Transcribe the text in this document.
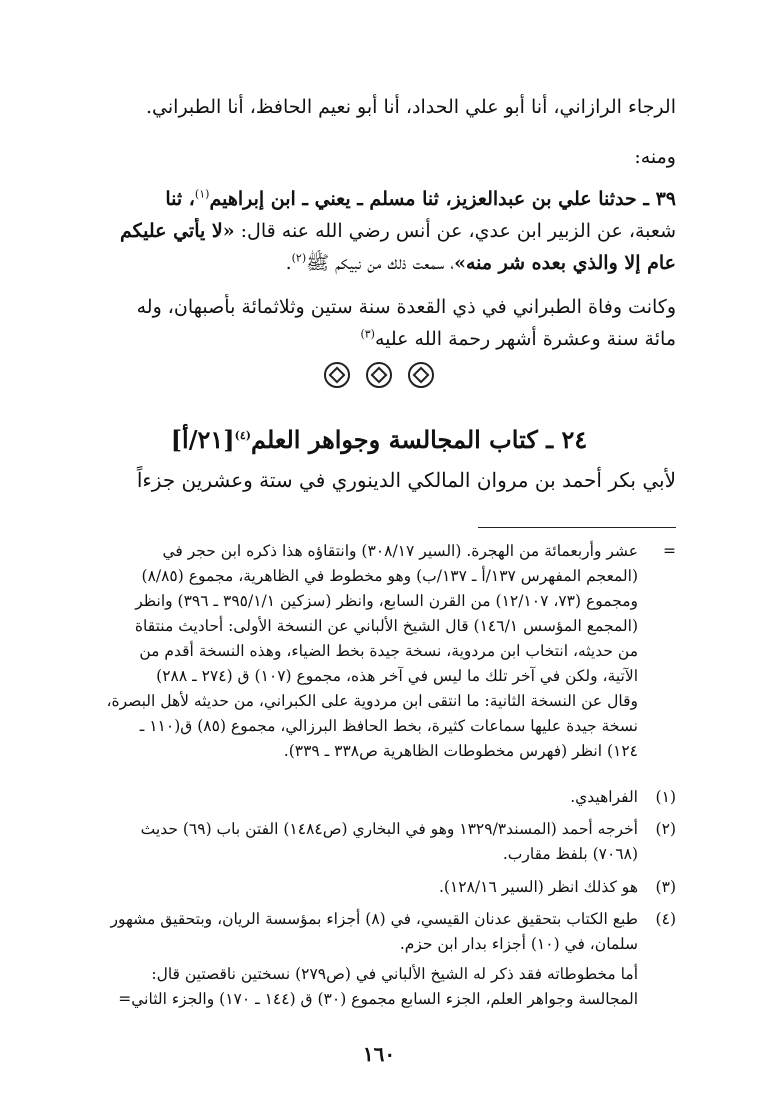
الرجاء الرازاني، أنا أبو علي الحداد، أنا أبو نعيم الحافظ، أنا الطبراني.
ومنه:
٣٩ ـ حدثنا علي بن عبدالعزيز، ثنا مسلم ـ يعني ـ ابن إبراهيم$^{(١)}$، ثنا
شعبة، عن الزبير ابن عدي، عن أنس رضي الله عنه قال: «لا يأتي عليكم
عام إلا والذي بعده شر منه»، سمعت ذلك من نبيكم ﷺ$^{(٢)}$.
وكانت وفاة الطبراني في ذي القعدة سنة ستين وثلاثمائة بأصبهان، وله
مائة سنة وعشرة أشهر رحمة الله عليه$^{(٣)}$
٢٤ ـ كتاب المجالسة وجواهر العلم$^{(٤)}$[٢١/أ]
لأبي بكر أحمد بن مروان المالكي الدينوري في ستة وعشرين جزءاً
=
عشر وأربعمائة من الهجرة. (السير ٣٠٨/١٧) وانتقاؤه هذا ذكره ابن حجر في
(المعجم المفهرس ١٣٧/أ ـ ١٣٧/ب) وهو مخطوط في الظاهرية، مجموع (٨/٨٥)
ومجموع (٧٣، ١٢/١٠٧) من القرن السابع، وانظر (سزكين ٣٩٥/١/١ ـ ٣٩٦) وانظر
(المجمع المؤسس ١٤٦/١) قال الشيخ الألباني عن النسخة الأولى: أحاديث منتقاة
من حديثه، انتخاب ابن مردوية، نسخة جيدة بخط الضياء، وهذه النسخة أقدم من
الآتية، ولكن في آخر تلك ما ليس في آخر هذه، مجموع (١٠٧) ق (٢٧٤ ـ ٢٨٨)
وقال عن النسخة الثانية: ما انتقى ابن مردوية على الكبراني، من حديثه لأهل البصرة،
نسخة جيدة عليها سماعات كثيرة، بخط الحافظ البرزالي، مجموع (٨٥) ق(١١٠ ـ
١٢٤) انظر (فهرس مخطوطات الظاهرية ص٣٣٨ ـ ٣٣٩).
(١)
الفراهيدي.
(٢)
أخرجه أحمد (المسند١٣٢٩/٣ وهو في البخاري (ص١٤٨٤) الفتن باب (٦٩) حديث
(٧٠٦٨) بلفظ مقارب.
(٣)
هو كذلك انظر (السير ١٢٨/١٦).
(٤)
طبع الكتاب بتحقيق عدنان القيسي، في (٨) أجزاء بمؤسسة الريان، وبتحقيق مشهور
سلمان، في (١٠) أجزاء بدار ابن حزم.
أما مخطوطاته فقد ذكر له الشيخ الألباني في (ص٢٧٩) نسختين ناقصتين قال:
المجالسة وجواهر العلم، الجزء السابع مجموع (٣٠) ق (١٤٤ ـ ١٧٠) والجزء الثاني=
١٦٠
